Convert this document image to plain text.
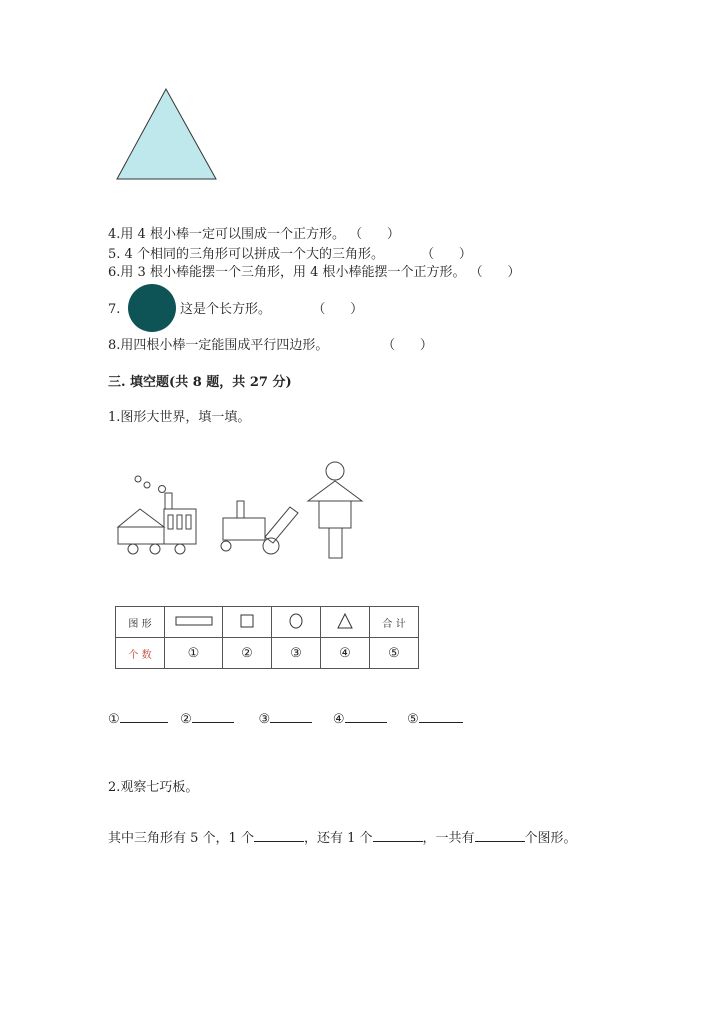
4.用 4 根小棒一定可以围成一个正方形。 （      ）
5. 4 个相同的三角形可以拼成一个大的三角形。         （      ）
6.用 3 根小棒能摆一个三角形，用 4 根小棒能摆一个正方形。 （      ）
7.	这是个长方形。          （      ）
8.用四根小棒一定能围成平行四边形。             （      ）
三. 填空题(共 8 题，共 27 分)
1.图形大世界，填一填。
图 形					合 计
个 数	①	②	③	④	⑤
①	②	③	④	⑤
2.观察七巧板。
其中三角形有 5 个，1 个	，还有 1 个	，一共有	个图形。
